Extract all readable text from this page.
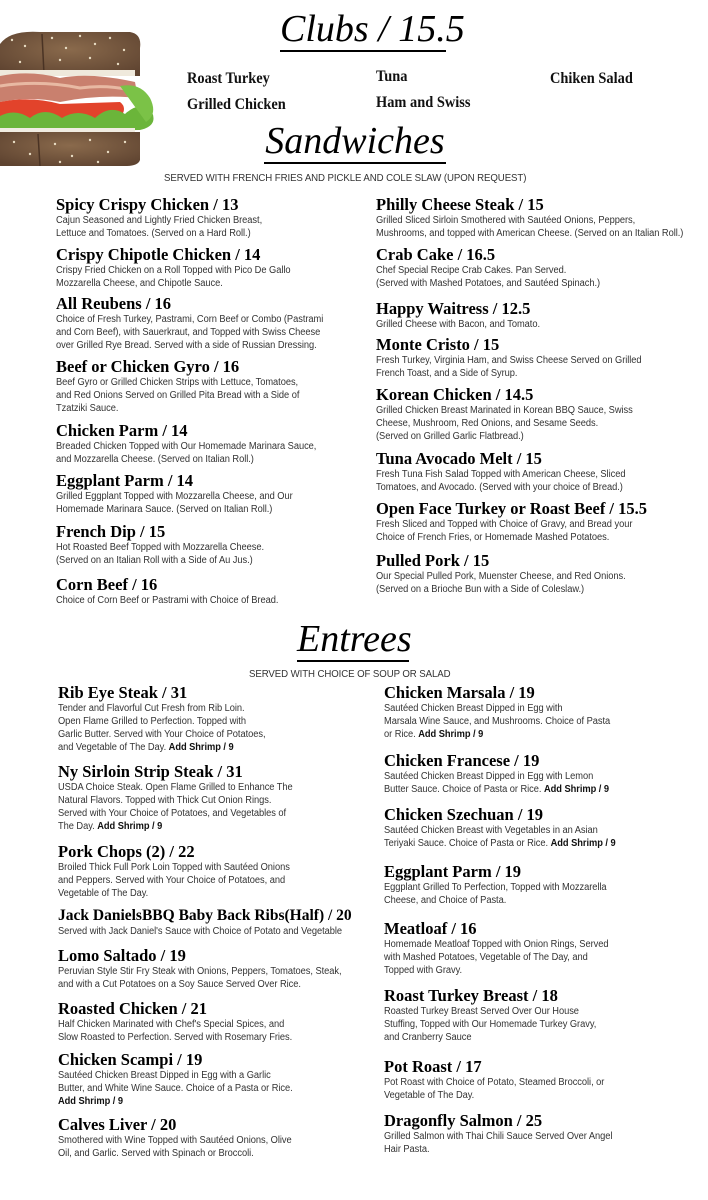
Clubs / 15.5
Roast Turkey
Grilled Chicken
Tuna
Ham and Swiss
Chiken Salad
Sandwiches
SERVED WITH FRENCH FRIES AND PICKLE AND COLE SLAW (UPON REQUEST)
Spicy Crispy Chicken / 13
Cajun Seasoned and Lightly Fried Chicken Breast,
Lettuce and Tomatoes. (Served on a Hard Roll.)
Crispy Chipotle Chicken / 14
Crispy Fried Chicken on a Roll Topped with Pico De Gallo
Mozzarella Cheese, and Chipotle Sauce.
All Reubens / 16
Choice of Fresh Turkey, Pastrami, Corn Beef or Combo (Pastrami
and Corn Beef), with Sauerkraut, and Topped with Swiss Cheese
over Grilled Rye Bread. Served with a side of Russian Dressing.
Beef or Chicken Gyro / 16
Beef Gyro or Grilled Chicken Strips with Lettuce, Tomatoes,
and Red Onions Served on Grilled Pita Bread with a Side of
Tzatziki Sauce.
Chicken Parm / 14
Breaded Chicken Topped with Our Homemade Marinara Sauce,
and Mozzarella Cheese. (Served on Italian Roll.)
Eggplant Parm / 14
Grilled Eggplant Topped with Mozzarella Cheese, and Our
Homemade Marinara Sauce. (Served on Italian Roll.)
French Dip / 15
Hot Roasted Beef Topped with Mozzarella Cheese.
(Served on an Italian Roll with a Side of Au Jus.)
Corn Beef / 16
Choice of Corn Beef or Pastrami with Choice of Bread.
Philly Cheese Steak / 15
Grilled Sliced Sirloin Smothered with Sautéed Onions, Peppers,
Mushrooms, and topped with American Cheese. (Served on an Italian Roll.)
Crab Cake / 16.5
Chef Special Recipe Crab Cakes. Pan Served.
(Served with Mashed Potatoes, and Sautéed Spinach.)
Happy Waitress / 12.5
Grilled Cheese with Bacon, and Tomato.
Monte Cristo / 15
Fresh Turkey, Virginia Ham, and Swiss Cheese Served on Grilled
French Toast, and a Side of Syrup.
Korean Chicken / 14.5
Grilled Chicken Breast Marinated in Korean BBQ Sauce, Swiss
Cheese, Mushroom, Red Onions, and Sesame Seeds.
(Served on Grilled Garlic Flatbread.)
Tuna Avocado Melt / 15
Fresh Tuna Fish Salad Topped with American Cheese, Sliced
Tomatoes, and Avocado. (Served with your choice of Bread.)
Open Face Turkey or Roast Beef / 15.5
Fresh Sliced and Topped with Choice of Gravy, and Bread your
Choice of French Fries, or Homemade Mashed Potatoes.
Pulled Pork / 15
Our Special Pulled Pork, Muenster Cheese, and Red Onions.
(Served on a Brioche Bun with a Side of Coleslaw.)
Entrees
SERVED WITH CHOICE OF SOUP OR SALAD
Rib Eye Steak / 31
Tender and Flavorful Cut Fresh from Rib Loin.
Open Flame Grilled to Perfection. Topped with
Garlic Butter. Served with Your Choice of Potatoes,
and Vegetable of The Day. Add Shrimp / 9
Ny Sirloin Strip Steak / 31
USDA Choice Steak. Open Flame Grilled to Enhance The
Natural Flavors. Topped with Thick Cut Onion Rings.
Served with Your Choice of Potatoes, and Vegetables of
The Day. Add Shrimp / 9
Pork Chops (2) / 22
Broiled Thick Full Pork Loin Topped with Sautéed Onions
and Peppers. Served with Your Choice of Potatoes, and
Vegetable of The Day.
Jack DanielsBBQ Baby Back Ribs(Half) / 20
Served with Jack Daniel's Sauce with Choice of Potato and Vegetable
Lomo Saltado / 19
Peruvian Style Stir Fry Steak with Onions, Peppers, Tomatoes, Steak,
and with a Cut Potatoes on a Soy Sauce Served Over Rice.
Roasted Chicken / 21
Half Chicken Marinated with Chef's Special Spices, and
Slow Roasted to Perfection. Served with Rosemary Fries.
Chicken Scampi / 19
Sautéed Chicken Breast Dipped in Egg with a Garlic
Butter, and White Wine Sauce. Choice of a Pasta or Rice.
Add Shrimp / 9
Calves Liver / 20
Smothered with Wine Topped with Sautéed Onions, Olive
Oil, and Garlic. Served with Spinach or Broccoli.
Chicken Marsala / 19
Sautéed Chicken Breast Dipped in Egg with
Marsala Wine Sauce, and Mushrooms. Choice of Pasta
or Rice. Add Shrimp / 9
Chicken Francese / 19
Sautéed Chicken Breast Dipped in Egg with Lemon
Butter Sauce. Choice of Pasta or Rice. Add Shrimp / 9
Chicken Szechuan / 19
Sautéed Chicken Breast with Vegetables in an Asian
Teriyaki Sauce. Choice of Pasta or Rice. Add Shrimp / 9
Eggplant Parm / 19
Eggplant Grilled To Perfection, Topped with Mozzarella
Cheese, and Choice of Pasta.
Meatloaf / 16
Homemade Meatloaf Topped with Onion Rings, Served
with Mashed Potatoes, Vegetable of The Day, and
Topped with Gravy.
Roast Turkey Breast / 18
Roasted Turkey Breast Served Over Our House
Stuffing, Topped with Our Homemade Turkey Gravy,
and Cranberry Sauce
Pot Roast / 17
Pot Roast with Choice of Potato, Steamed Broccoli, or
Vegetable of The Day.
Dragonfly Salmon / 25
Grilled Salmon with Thai Chili Sauce Served Over Angel
Hair Pasta.
